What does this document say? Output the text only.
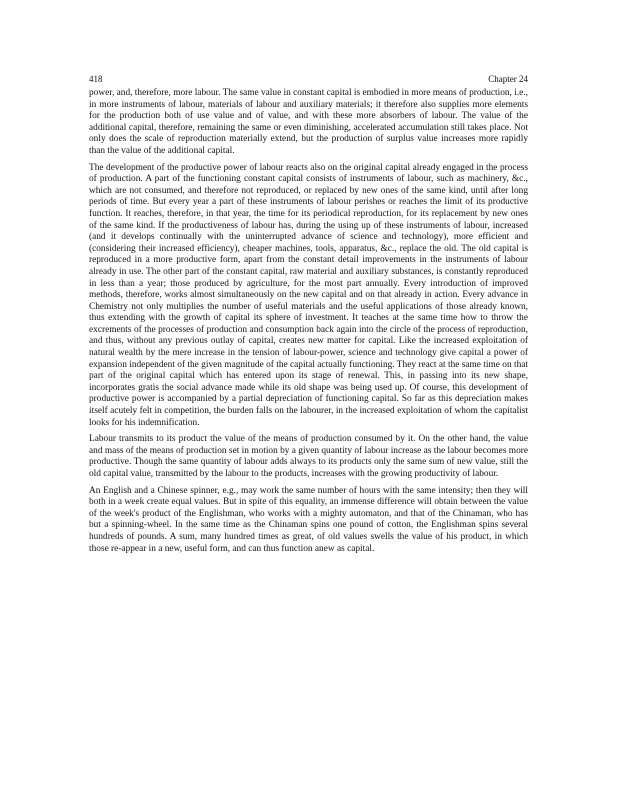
418	Chapter 24

power, and, therefore, more labour. The same value in constant capital is embodied in more means of production, i.e., in more instruments of labour, materials of labour and auxiliary materials; it therefore also supplies more elements for the production both of use value and of value, and with these more absorbers of labour. The value of the additional capital, therefore, remaining the same or even diminishing, accelerated accumulation still takes place. Not only does the scale of reproduction materially extend, but the production of surplus value increases more rapidly than the value of the additional capital.

The development of the productive power of labour reacts also on the original capital already engaged in the process of production. A part of the functioning constant capital consists of instruments of labour, such as machinery, &c., which are not consumed, and therefore not reproduced, or replaced by new ones of the same kind, until after long periods of time. But every year a part of these instruments of labour perishes or reaches the limit of its productive function. It reaches, therefore, in that year, the time for its periodical reproduction, for its replacement by new ones of the same kind. If the productiveness of labour has, during the using up of these instruments of labour, increased (and it develops continually with the uninterrupted advance of science and technology), more efficient and (considering their increased efficiency), cheaper machines, tools, apparatus, &c., replace the old. The old capital is reproduced in a more productive form, apart from the constant detail improvements in the instruments of labour already in use. The other part of the constant capital, raw material and auxiliary substances, is constantly reproduced in less than a year; those produced by agriculture, for the most part annually. Every introduction of improved methods, therefore, works almost simultaneously on the new capital and on that already in action. Every advance in Chemistry not only multiplies the number of useful materials and the useful applications of those already known, thus extending with the growth of capital its sphere of investment. It teaches at the same time how to throw the excrements of the processes of production and consumption back again into the circle of the process of reproduction, and thus, without any previous outlay of capital, creates new matter for capital. Like the increased exploitation of natural wealth by the mere increase in the tension of labour-power, science and technology give capital a power of expansion independent of the given magnitude of the capital actually functioning. They react at the same time on that part of the original capital which has entered upon its stage of renewal. This, in passing into its new shape, incorporates gratis the social advance made while its old shape was being used up. Of course, this development of productive power is accompanied by a partial depreciation of functioning capital. So far as this depreciation makes itself acutely felt in competition, the burden falls on the labourer, in the increased exploitation of whom the capitalist looks for his indemnification.

Labour transmits to its product the value of the means of production consumed by it. On the other hand, the value and mass of the means of production set in motion by a given quantity of labour increase as the labour becomes more productive. Though the same quantity of labour adds always to its products only the same sum of new value, still the old capital value, transmitted by the labour to the products, increases with the growing productivity of labour.

An English and a Chinese spinner, e.g., may work the same number of hours with the same intensity; then they will both in a week create equal values. But in spite of this equality, an immense difference will obtain between the value of the week's product of the Englishman, who works with a mighty automaton, and that of the Chinaman, who has but a spinning-wheel. In the same time as the Chinaman spins one pound of cotton, the Englishman spins several hundreds of pounds. A sum, many hundred times as great, of old values swells the value of his product, in which those re-appear in a new, useful form, and can thus function anew as capital.
